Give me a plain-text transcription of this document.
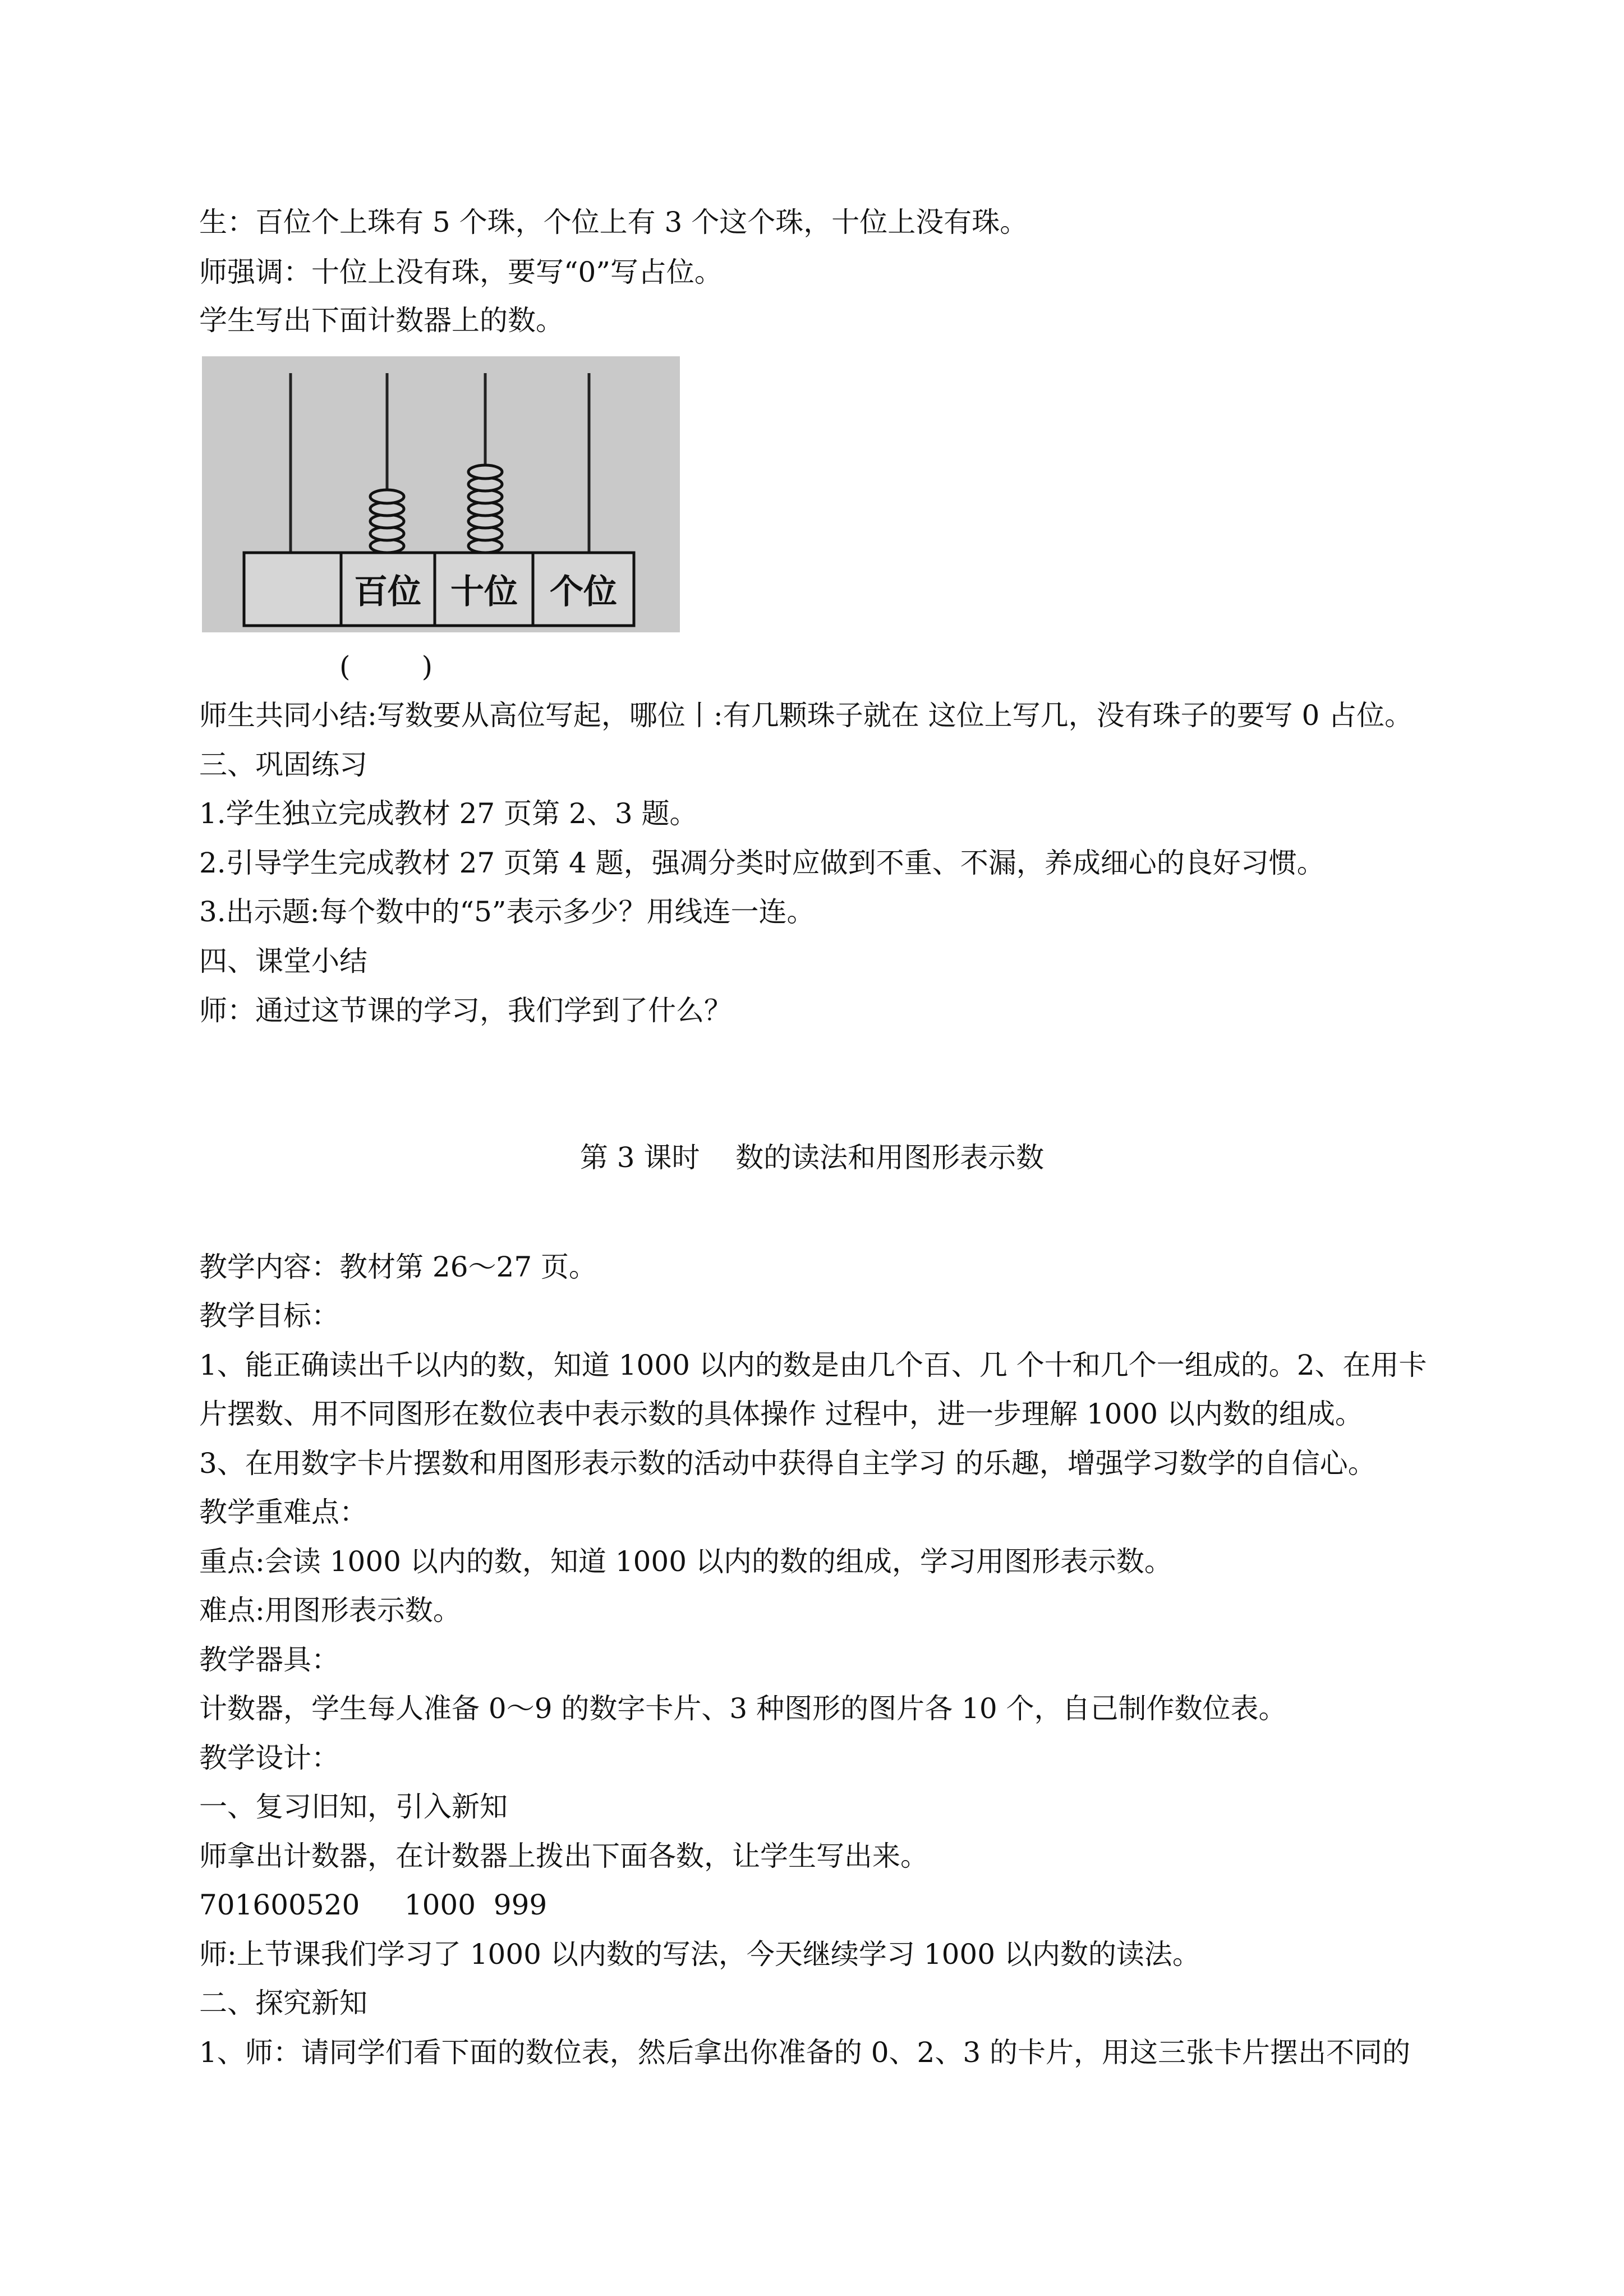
生：百位个上珠有 5 个珠，个位上有 3 个这个珠，十位上没有珠。
师强调：十位上没有珠，要写“0”写占位。
学生写出下面计数器上的数。
百位 十位 个位
(        )
师生共同小结:写数要从高位写起，哪位丨:有几颗珠子就在 这位上写几，没有珠子的要写 0 占位。
三、巩固练习
1.学生独立完成教材 27 页第 2、3 题。
2.引导学生完成教材 27 页第 4 题，强凋分类时应做到不重、不漏，养成细心的良好习惯。
3.出示题:每个数中的“5”表示多少？用线连一连。
四、课堂小结
师：通过这节课的学习，我们学到了什么？
第 3 课时    数的读法和用图形表示数
教学内容：教材第 26～27 页。
教学目标：
1、能正确读出千以内的数，知道 1000 以内的数是由几个百、几 个十和几个一组成的。2、在用卡
片摆数、用不同图形在数位表中表示数的具体操作 过程中，进一步理解 1000 以内数的组成。
3、在用数字卡片摆数和用图形表示数的活动中获得自主学习 的乐趣，增强学习数学的自信心。
教学重难点：
重点:会读 1000 以内的数，知道 1000 以内的数的组成，学习用图形表示数。
难点:用图形表示数。
教学器具：
计数器，学生每人准备 0～9 的数字卡片、3 种图形的图片各 10 个，自己制作数位表。
教学设计：
一、复习旧知，引入新知
师拿出计数器，在计数器上拨出下面各数，让学生写出来。
701600520     1000  999
师:上节课我们学习了 1000 以内数的写法，今天继续学习 1000 以内数的读法。
二、探究新知
1、师：请同学们看下面的数位表，然后拿出你准备的 0、2、3 的卡片，用这三张卡片摆出不同的
